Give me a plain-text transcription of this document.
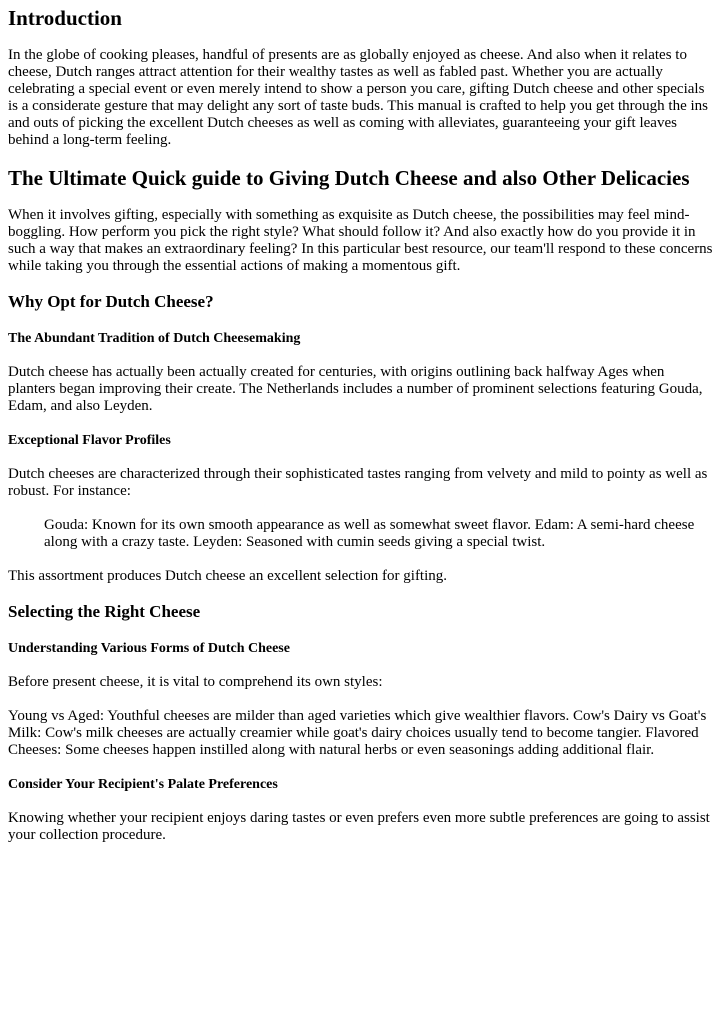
Introduction

In the globe of cooking pleases, handful of presents are as globally enjoyed as cheese. And also when it relates to cheese, Dutch ranges attract attention for their wealthy tastes as well as fabled past. Whether you are actually celebrating a special event or even merely intend to show a person you care, gifting Dutch cheese and other specials is a considerate gesture that may delight any sort of taste buds. This manual is crafted to help you get through the ins and outs of picking the excellent Dutch cheeses as well as coming with alleviates, guaranteeing your gift leaves behind a long-term feeling.

The Ultimate Quick guide to Giving Dutch Cheese and also Other Delicacies

When it involves gifting, especially with something as exquisite as Dutch cheese, the possibilities may feel mind-boggling. How perform you pick the right style? What should follow it? And also exactly how do you provide it in such a way that makes an extraordinary feeling? In this particular best resource, our team'll respond to these concerns while taking you through the essential actions of making a momentous gift.

Why Opt for Dutch Cheese?
The Abundant Tradition of Dutch Cheesemaking

Dutch cheese has actually been actually created for centuries, with origins outlining back halfway Ages when planters began improving their create. The Netherlands includes a number of prominent selections featuring Gouda, Edam, and also Leyden.

Exceptional Flavor Profiles

Dutch cheeses are characterized through their sophisticated tastes ranging from velvety and mild to pointy as well as robust. For instance:

Gouda: Known for its own smooth appearance as well as somewhat sweet flavor. Edam: A semi-hard cheese along with a crazy taste. Leyden: Seasoned with cumin seeds giving a special twist.

This assortment produces Dutch cheese an excellent selection for gifting.

Selecting the Right Cheese
Understanding Various Forms of Dutch Cheese

Before present cheese, it is vital to comprehend its own styles:

Young vs Aged: Youthful cheeses are milder than aged varieties which give wealthier flavors. Cow's Dairy vs Goat's Milk: Cow's milk cheeses are actually creamier while goat's dairy choices usually tend to become tangier. Flavored Cheeses: Some cheeses happen instilled along with natural herbs or even seasonings adding additional flair.

Consider Your Recipient's Palate Preferences

Knowing whether your recipient enjoys daring tastes or even prefers even more subtle preferences are going to assist your collection procedure.
